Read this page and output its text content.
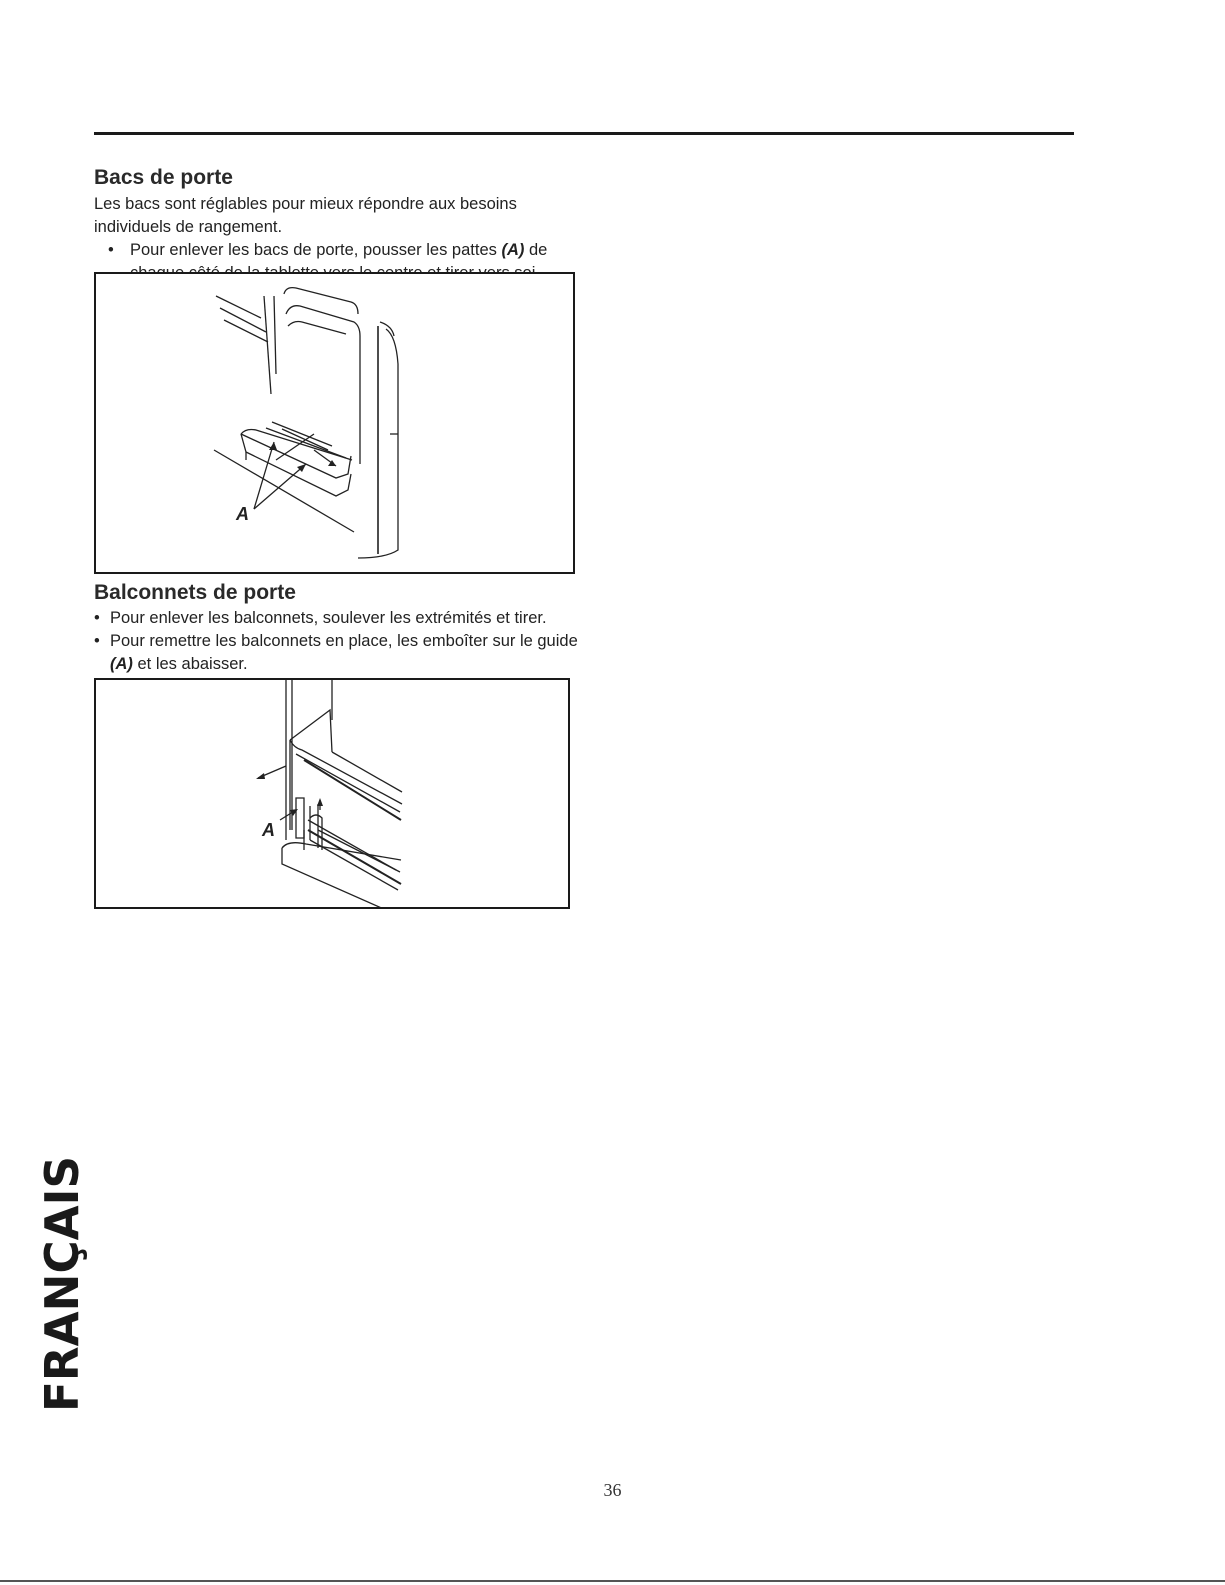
Bacs de porte

Les bacs sont réglables pour mieux répondre aux besoins individuels de rangement.

• Pour enlever les bacs de porte, pousser les pattes (A) de
A
Balconnets de porte
• Pour enlever les balconnets, soulever les extrémités et tirer.
• Pour remettre les balconnets en place, les emboîter sur le guide (A) et les abaisser.
A
FRANÇAIS
36
